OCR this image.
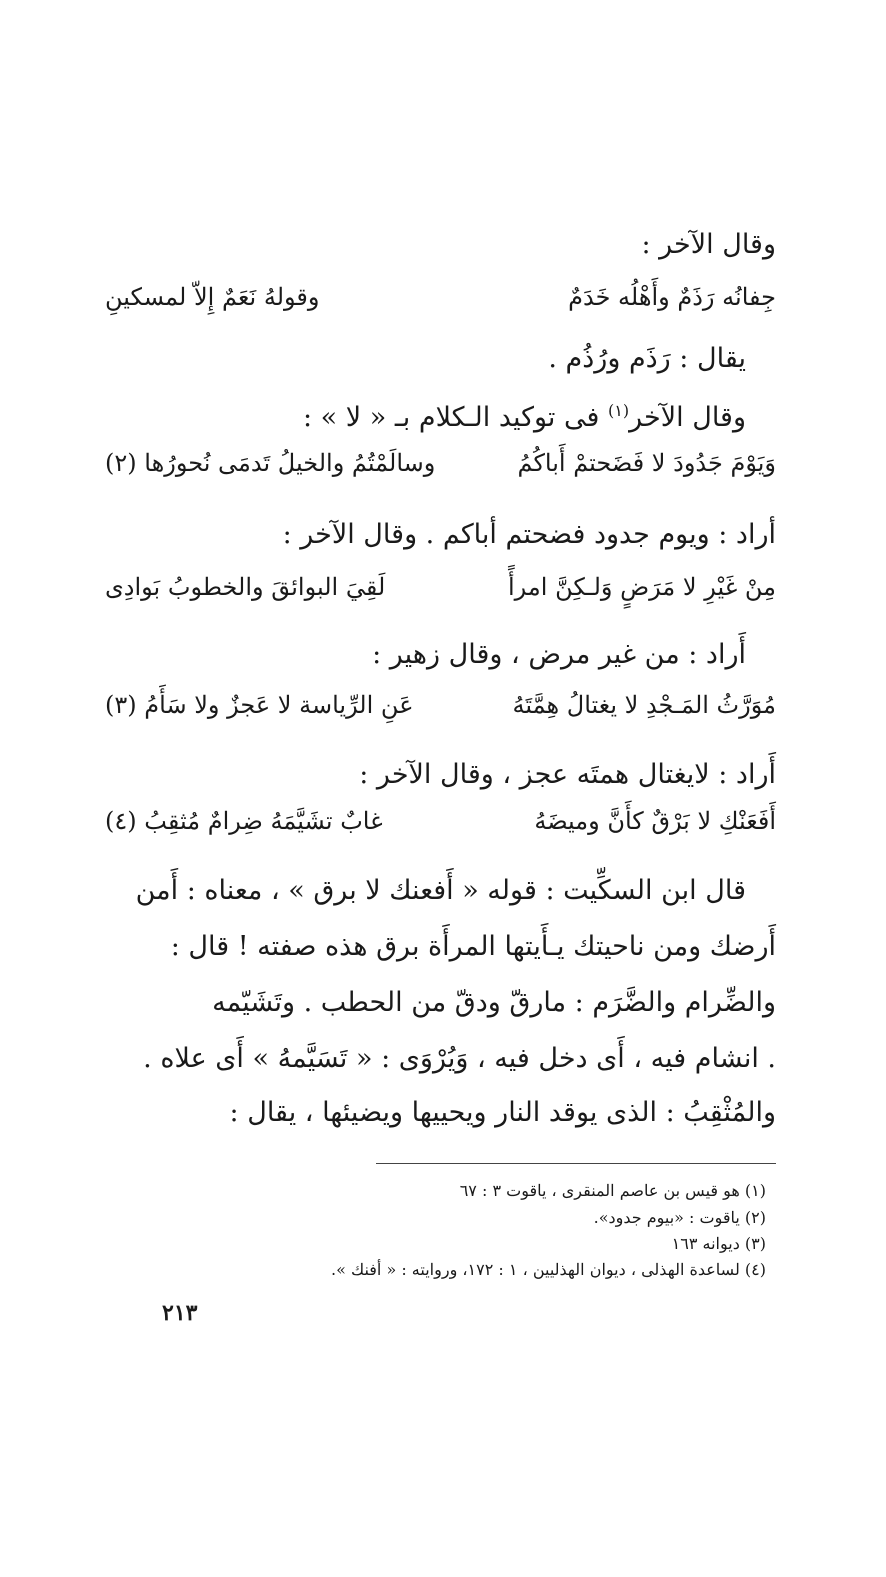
وقال الآخر :
جِفانُه رَذَمٌ وأَهْلُه خَدَمٌ
وقولهُ نَعَمٌ إِلاّ لمسكينِ
يقال : رَذَم ورُذُم .
وقال الآخر$^{(١)}$ فى توكيد الـكلام بـ « لا » :
وَيَوْمَ جَدُودَ لا فَضَحتمْ أَباكُمُ
وسالَمْتُمُ والخيلُ تَدمَى نُحورُها (٢)
أراد : ويوم جدود فضحتم أباكم . وقال الآخر :
مِنْ غَيْرِ لا مَرَضٍ وَلـكِنَّ امرأً
لَقِيَ البوائقَ والخطوبُ بَوادِى
أَراد : من غير مرض ، وقال زهير :
مُوَرَّثُ المَـجْدِ لا يغتالُ هِمَّتَهُ
عَنِ الرِّياسة لا عَجزٌ ولا سَأَمُ (٣)
أَراد : لايغتال همتَه عجز ، وقال الآخر :
أَفَعَنْكِ لا بَرْقٌ كأَنَّ وميضَهُ
غابٌ تشَيَّمَهُ ضِرامٌ مُثقِبُ (٤)
قال ابن السكِّيت : قوله « أَفعنك لا برق » ، معناه : أَمن
أَرضك ومن ناحيتك يـأَيتها المرأَة برق هذه صفته ! قال :
والضِّرام والضَّرَم : مارقّ ودقّ من الحطب . وتَشَيّمه
. انشام فيه ، أَى دخل فيه ، وَيُرْوَى : « تَسَيَّمهُ » أَى علاه .
والمُثْقِبُ : الذى يوقد النار ويحييها ويضيئها ، يقال :
(١) هو قيس بن عاصم المنقرى ، ياقوت ٣ : ٦٧
(٢) ياقوت : «بيوم جدود».
(٣) ديوانه ١٦٣
(٤) لساعدة الهذلى ، ديوان الهذليين ، ١ : ١٧٢، وروايته : « أفنك ».
٢١٣
